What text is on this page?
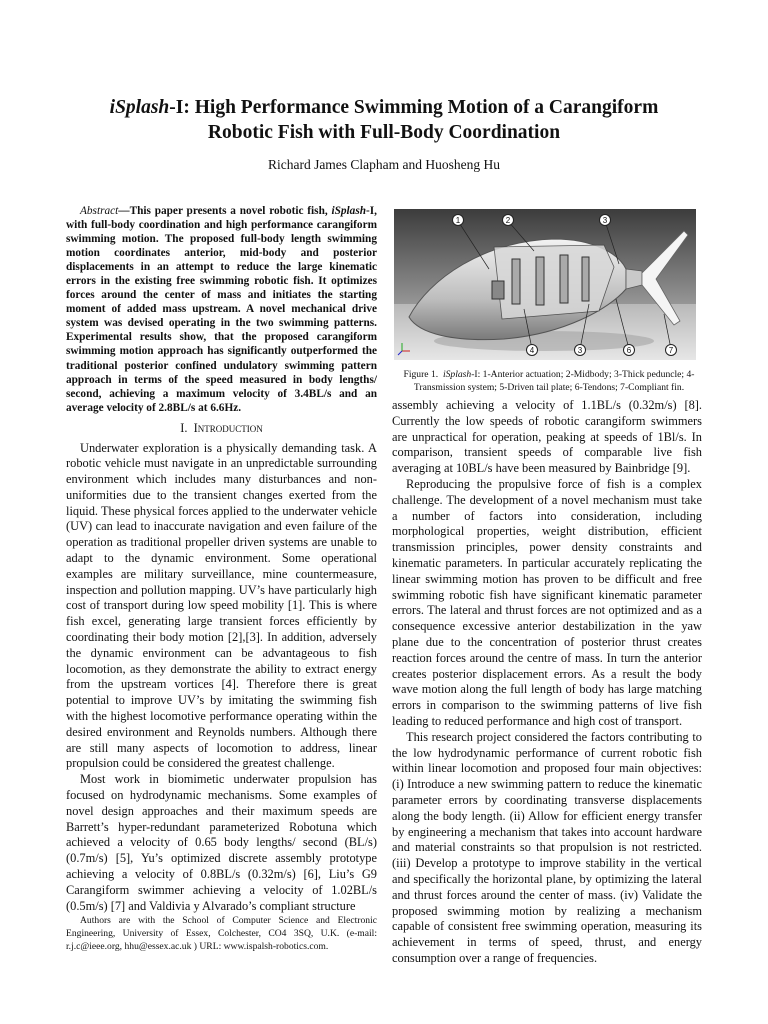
iSplash-I: High Performance Swimming Motion of a Carangiform
Robotic Fish with Full-Body Coordination
Richard James Clapham and Huosheng Hu

Abstract—This paper presents a novel robotic fish, iSplash-I, with full-body coordination and high performance carangiform swimming motion. The proposed full-body length swimming motion coordinates anterior, mid-body and posterior displacements in an attempt to reduce the large kinematic errors in the existing free swimming robotic fish. It optimizes forces around the center of mass and initiates the starting moment of added mass upstream. A novel mechanical drive system was devised operating in the two swimming patterns. Experimental results show, that the proposed carangiform swimming motion approach has significantly outperformed the traditional posterior confined undulatory swimming pattern approach in terms of the speed measured in body lengths/ second, achieving a maximum velocity of 3.4BL/s and an average velocity of 2.8BL/s at 6.6Hz.

I. Introduction

Underwater exploration is a physically demanding task. A robotic vehicle must navigate in an unpredictable surrounding environment which includes many disturbances and non-uniformities due to the transient changes exerted from the liquid. These physical forces applied to the underwater vehicle (UV) can lead to inaccurate navigation and even failure of the operation as traditional propeller driven systems are unable to adapt to the dynamic environment. Some operational examples are military surveillance, mine countermeasure, inspection and pollution mapping. UV’s have particularly high cost of transport during low speed mobility [1]. This is where fish excel, generating large transient forces efficiently by coordinating their body motion [2],[3]. In addition, adversely the dynamic environment can be advantageous to fish locomotion, as they demonstrate the ability to extract energy from the upstream vortices [4]. Therefore there is great potential to improve UV’s by imitating the swimming fish with the highest locomotive performance operating within the desired environment and Reynolds numbers. Although there are still many aspects of locomotion to address, linear propulsion could be considered the greatest challenge.

Most work in biomimetic underwater propulsion has focused on hydrodynamic mechanisms. Some examples of novel design approaches and their maximum speeds are Barrett’s hyper-redundant parameterized Robotuna which achieved a velocity of 0.65 body lengths/ second (BL/s) (0.7m/s) [5], Yu’s optimized discrete assembly prototype achieving a velocity of 0.8BL/s (0.32m/s) [6], Liu’s G9 Carangiform swimmer achieving a velocity of 1.02BL/s (0.5m/s) [7] and Valdivia y Alvarado’s compliant structure

Authors are with the School of Computer Science and Electronic Engineering, University of Essex, Colchester, CO4 3SQ, U.K. (e-mail: r.j.c@ieee.org, hhu@essex.ac.uk ) URL: www.ispalsh-robotics.com.
1	2	3
4	3	6	7
Figure 1. iSplash-I: 1-Anterior actuation; 2-Midbody; 3-Thick peduncle; 4-Transmission system; 5-Driven tail plate; 6-Tendons; 7-Compliant fin.

assembly achieving a velocity of 1.1BL/s (0.32m/s) [8]. Currently the low speeds of robotic carangiform swimmers are unpractical for operation, peaking at speeds of 1Bl/s. In comparison, transient speeds of comparable live fish averaging at 10BL/s have been measured by Bainbridge [9].

Reproducing the propulsive force of fish is a complex challenge. The development of a novel mechanism must take a number of factors into consideration, including morphological properties, weight distribution, efficient transmission principles, power density constraints and kinematic parameters. In particular accurately replicating the linear swimming motion has proven to be difficult and free swimming robotic fish have significant kinematic parameter errors. The lateral and thrust forces are not optimized and as a consequence excessive anterior destabilization in the yaw plane due to the concentration of posterior thrust creates reaction forces around the centre of mass. In turn the anterior creates posterior displacement errors. As a result the body wave motion along the full length of body has large matching errors in comparison to the swimming patterns of live fish leading to reduced performance and high cost of transport.

This research project considered the factors contributing to the low hydrodynamic performance of current robotic fish within linear locomotion and proposed four main objectives: (i) Introduce a new swimming pattern to reduce the kinematic parameter errors by coordinating transverse displacements along the body length. (ii) Allow for efficient energy transfer by engineering a mechanism that takes into account hardware and material constraints so that propulsion is not restricted. (iii) Develop a prototype to improve stability in the vertical and specifically the horizontal plane, by optimizing the lateral and thrust forces around the center of mass. (iv) Validate the proposed swimming motion by realizing a mechanism capable of consistent free swimming operation, measuring its achievement in terms of speed, thrust, and energy consumption over a range of frequencies.
